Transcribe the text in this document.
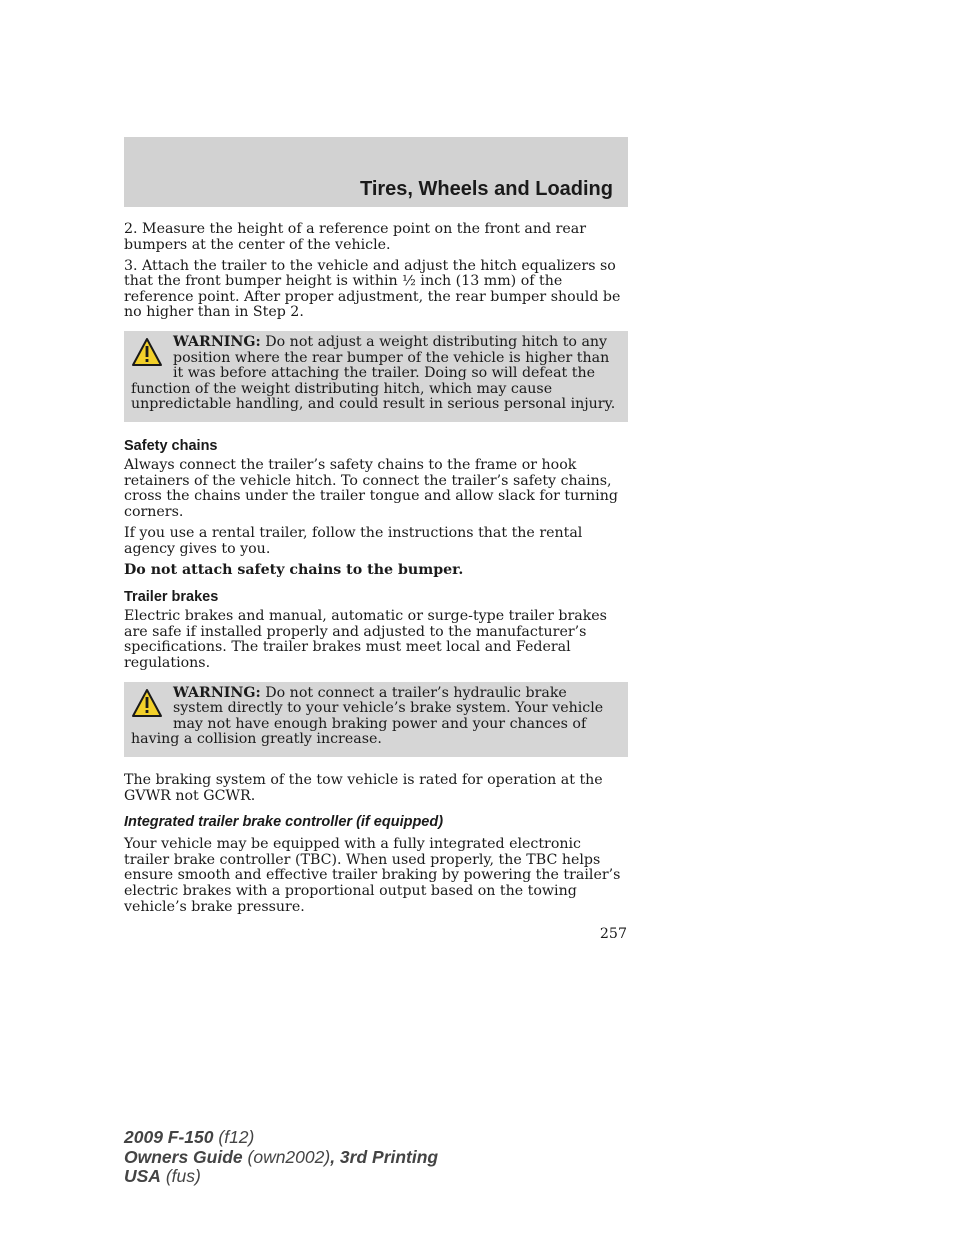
Tires, Wheels and Loading

2. Measure the height of a reference point on the front and rear bumpers at the center of the vehicle.

3. Attach the trailer to the vehicle and adjust the hitch equalizers so that the front bumper height is within ½ inch (13 mm) of the reference point. After proper adjustment, the rear bumper should be no higher than in Step 2.

WARNING: Do not adjust a weight distributing hitch to any position where the rear bumper of the vehicle is higher than it was before attaching the trailer. Doing so will defeat the function of the weight distributing hitch, which may cause unpredictable handling, and could result in serious personal injury.
Safety chains

Always connect the trailer’s safety chains to the frame or hook retainers of the vehicle hitch. To connect the trailer’s safety chains, cross the chains under the trailer tongue and allow slack for turning corners.

If you use a rental trailer, follow the instructions that the rental agency gives to you.

Do not attach safety chains to the bumper.

Trailer brakes

Electric brakes and manual, automatic or surge-type trailer brakes are safe if installed properly and adjusted to the manufacturer’s specifications. The trailer brakes must meet local and Federal regulations.

WARNING: Do not connect a trailer’s hydraulic brake system directly to your vehicle’s brake system. Your vehicle may not have enough braking power and your chances of having a collision greatly increase.

The braking system of the tow vehicle is rated for operation at the GVWR not GCWR.

Integrated trailer brake controller (if equipped)

Your vehicle may be equipped with a fully integrated electronic trailer brake controller (TBC). When used properly, the TBC helps ensure smooth and effective trailer braking by powering the trailer’s electric brakes with a proportional output based on the towing vehicle’s brake pressure.

257
2009 F-150 (f12)
Owners Guide (own2002), 3rd Printing
USA (fus)
